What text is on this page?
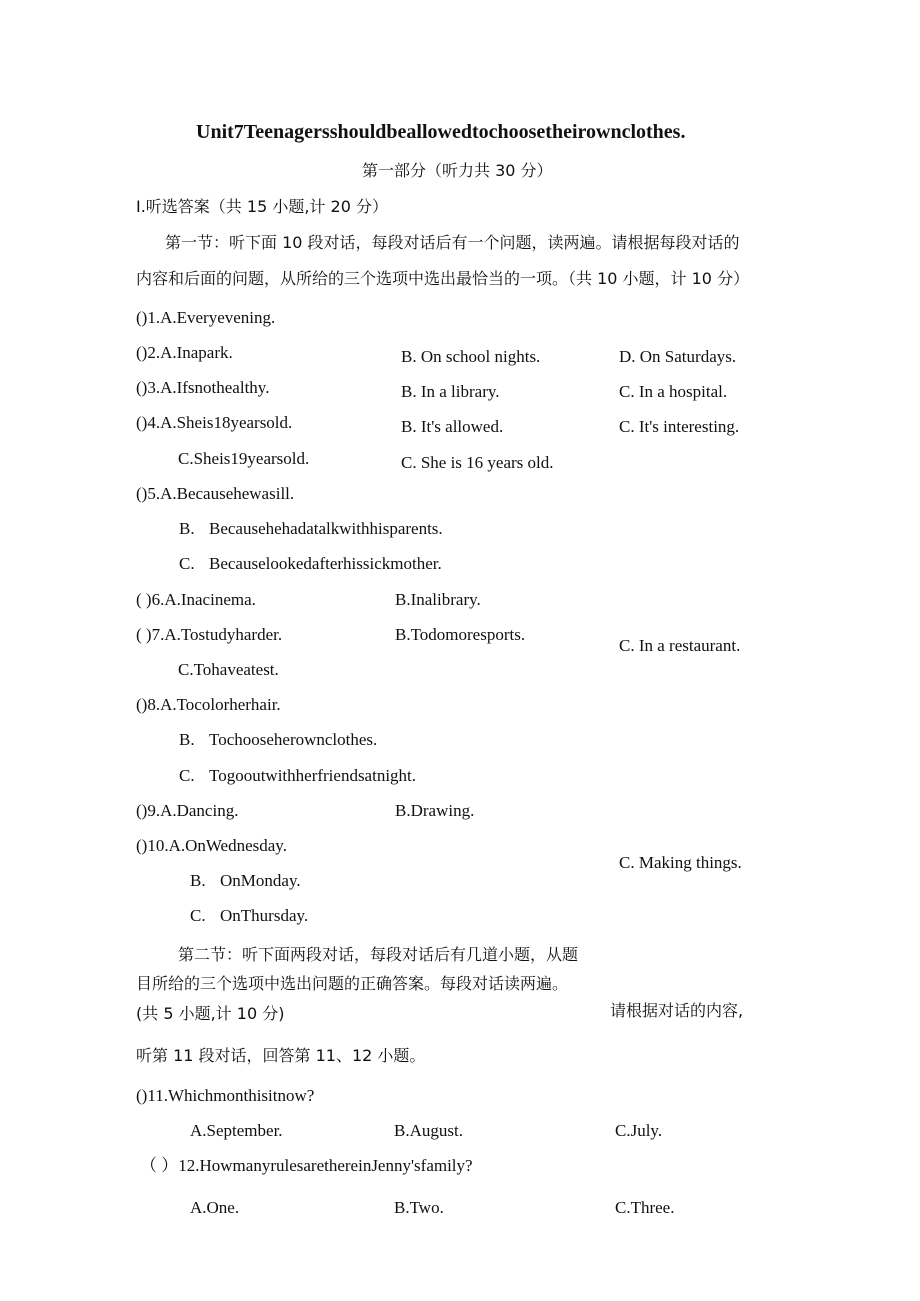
Unit7Teenagersshouldbeallowedtochoosetheirownclothes.
第一部分（听力共 30 分）
I.听选答案（共 15 小题,计 20 分）
第一节：听下面 10 段对话，每段对话后有一个问题，读两遍。请根据每段对话的
内容和后面的问题，从所给的三个选项中选出最恰当的一项。（共 10 小题，计 10 分）
()1.A.Everyevening.
()2.A.Inapark.	B. On school nights.	D. On Saturdays.
()3.A.Ifsnothealthy.	B. In a library.	C. In a hospital.
()4.A.Sheis18yearsold.	B. It's allowed.	C. It's interesting.
C.Sheis19yearsold.	C. She is 16 years old.
()5.A.Becausehewasill.
B. Becausehehadatalkwithhisparents.
C. Becauselookedafterhissickmother.
( )6.A.Inacinema.	B.Inalibrary.
C. In a restaurant.
( )7.A.Tostudyharder.	B.Todomoresports.
C.Tohaveatest.
()8.A.Tocolorherhair.
B. Tochooseherownclothes.
C. Togooutwithherfriendsatnight.
()9.A.Dancing.	B.Drawing.
C. Making things.
()10.A.OnWednesday.
B. OnMonday.
C. OnThursday.
第二节：听下面两段对话，每段对话后有几道小题，从题
目所给的三个选项中选出问题的正确答案。每段对话读两遍。
请根据对话的内容,
(共 5 小题,计 10 分)
听第 11 段对话，回答第 11、12 小题。
()11.Whichmonthisitnow?
A.September.	B.August.	C.July.
（ ）12.HowmanyrulesarethereinJenny'sfamily?
A.One.	B.Two.	C.Three.
